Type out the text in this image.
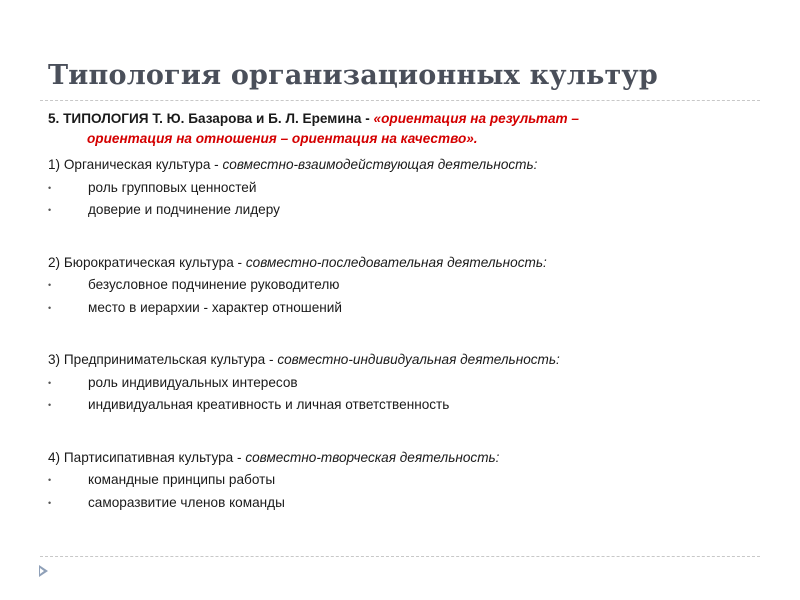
Типология организационных культур
5. ТИПОЛОГИЯ Т. Ю. Базарова и Б. Л. Еремина - «ориентация на результат –
ориентация на отношения – ориентация на качество».
1) Органическая культура - совместно-взаимодействующая деятельность:
•	роль групповых ценностей
•	доверие и подчинение лидеру
2) Бюрократическая культура - совместно-последовательная деятельность:
•	безусловное подчинение руководителю
•	место в иерархии - характер отношений
3) Предпринимательская культура - совместно-индивидуальная деятельность:
•	роль индивидуальных интересов
•	индивидуальная креативность и личная ответственность
4) Партисипативная культура - совместно-творческая деятельность:
•	командные принципы работы
•	саморазвитие членов команды
